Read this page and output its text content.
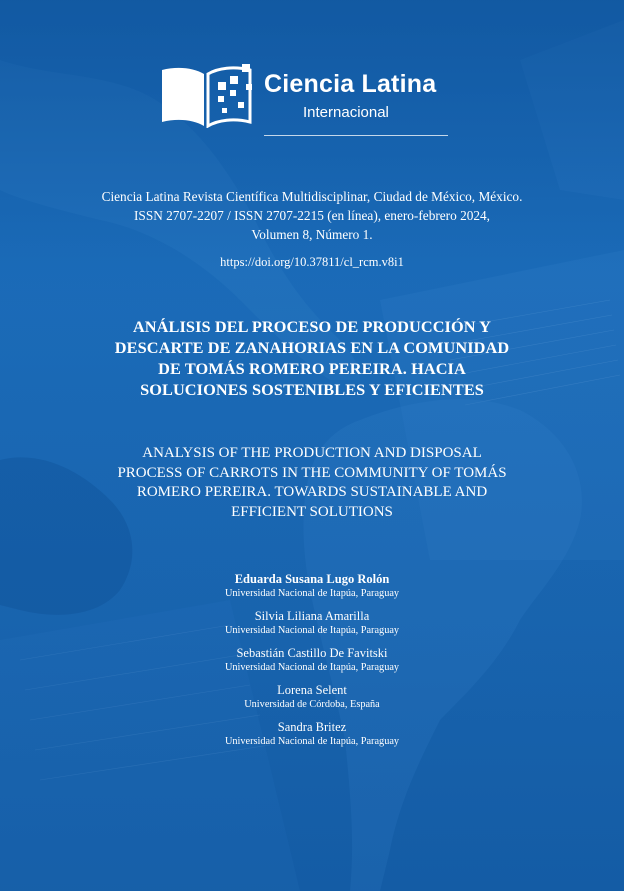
Ciencia Latina
Internacional
Ciencia Latina Revista Científica Multidisciplinar, Ciudad de México, México.
ISSN 2707-2207 / ISSN 2707-2215 (en línea), enero-febrero 2024,
Volumen 8, Número 1.
https://doi.org/10.37811/cl_rcm.v8i1
ANÁLISIS DEL PROCESO DE PRODUCCIÓN Y
DESCARTE DE ZANAHORIAS EN LA COMUNIDAD
DE TOMÁS ROMERO PEREIRA. HACIA
SOLUCIONES SOSTENIBLES Y EFICIENTES
ANALYSIS OF THE PRODUCTION AND DISPOSAL
PROCESS OF CARROTS IN THE COMMUNITY OF TOMÁS
ROMERO PEREIRA. TOWARDS SUSTAINABLE AND
EFFICIENT SOLUTIONS
Eduarda Susana Lugo Rolón
Universidad Nacional de Itapúa, Paraguay
Silvia Liliana Amarilla
Universidad Nacional de Itapúa, Paraguay
Sebastián Castillo De Favitski
Universidad Nacional de Itapúa, Paraguay
Lorena Selent
Universidad de Córdoba, España
Sandra Britez
Universidad Nacional de Itapúa, Paraguay
